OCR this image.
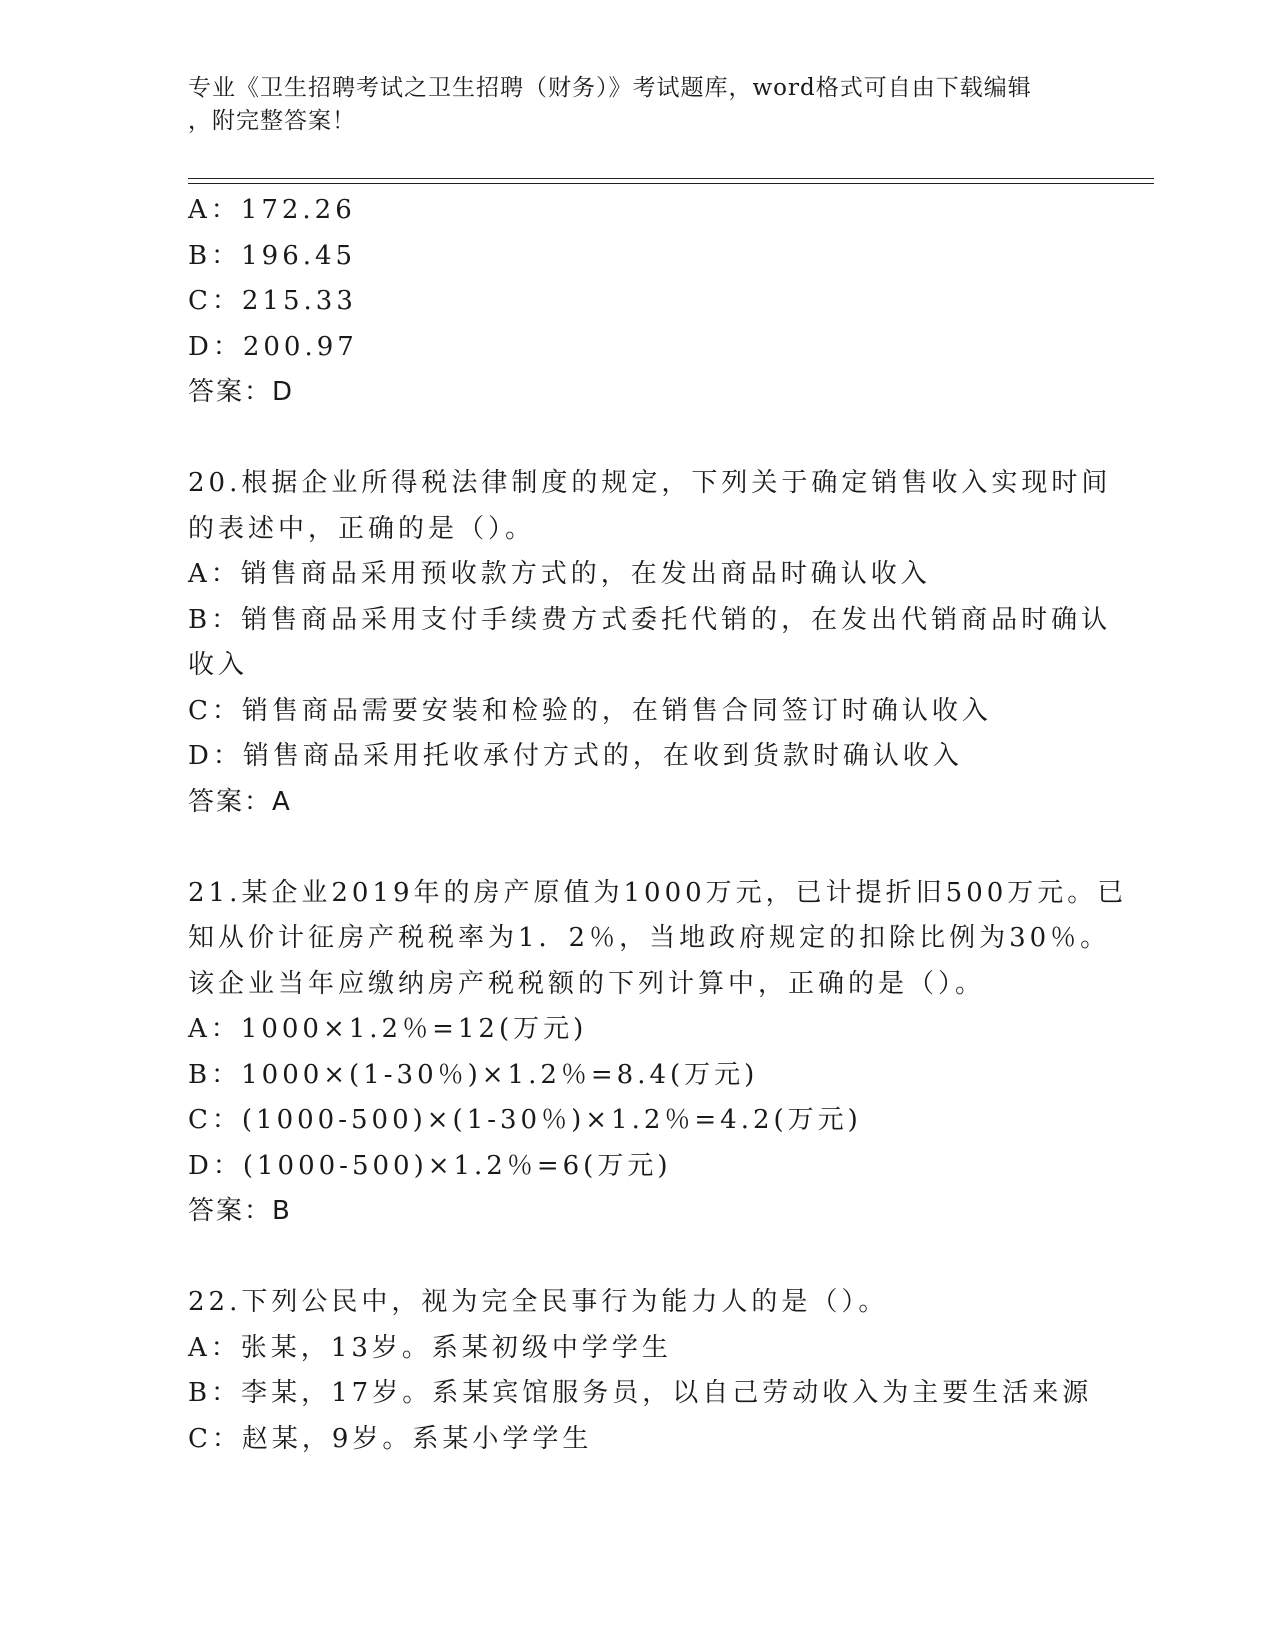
专业《卫生招聘考试之卫生招聘（财务）》考试题库，word格式可自由下载编辑
，附完整答案！
A：172.26
B：196.45
C：215.33
D：200.97
答案：D
20.根据企业所得税法律制度的规定，下列关于确定销售收入实现时间
的表述中，正确的是（）。
A：销售商品采用预收款方式的，在发出商品时确认收入
B：销售商品采用支付手续费方式委托代销的，在发出代销商品时确认
收入
C：销售商品需要安装和检验的，在销售合同签订时确认收入
D：销售商品采用托收承付方式的，在收到货款时确认收入
答案：A
21.某企业2019年的房产原值为1000万元，已计提折旧500万元。已
知从价计征房产税税率为1．2％，当地政府规定的扣除比例为30％。
该企业当年应缴纳房产税税额的下列计算中，正确的是（）。
A：1000×1.2％=12(万元)
B：1000×(1-30％)×1.2％=8.4(万元)
C：(1000-500)×(1-30％)×1.2％=4.2(万元)
D：(1000-500)×1.2％=6(万元)
答案：B
22.下列公民中，视为完全民事行为能力人的是（）。
A：张某，13岁。系某初级中学学生
B：李某，17岁。系某宾馆服务员，以自己劳动收入为主要生活来源
C：赵某，9岁。系某小学学生
